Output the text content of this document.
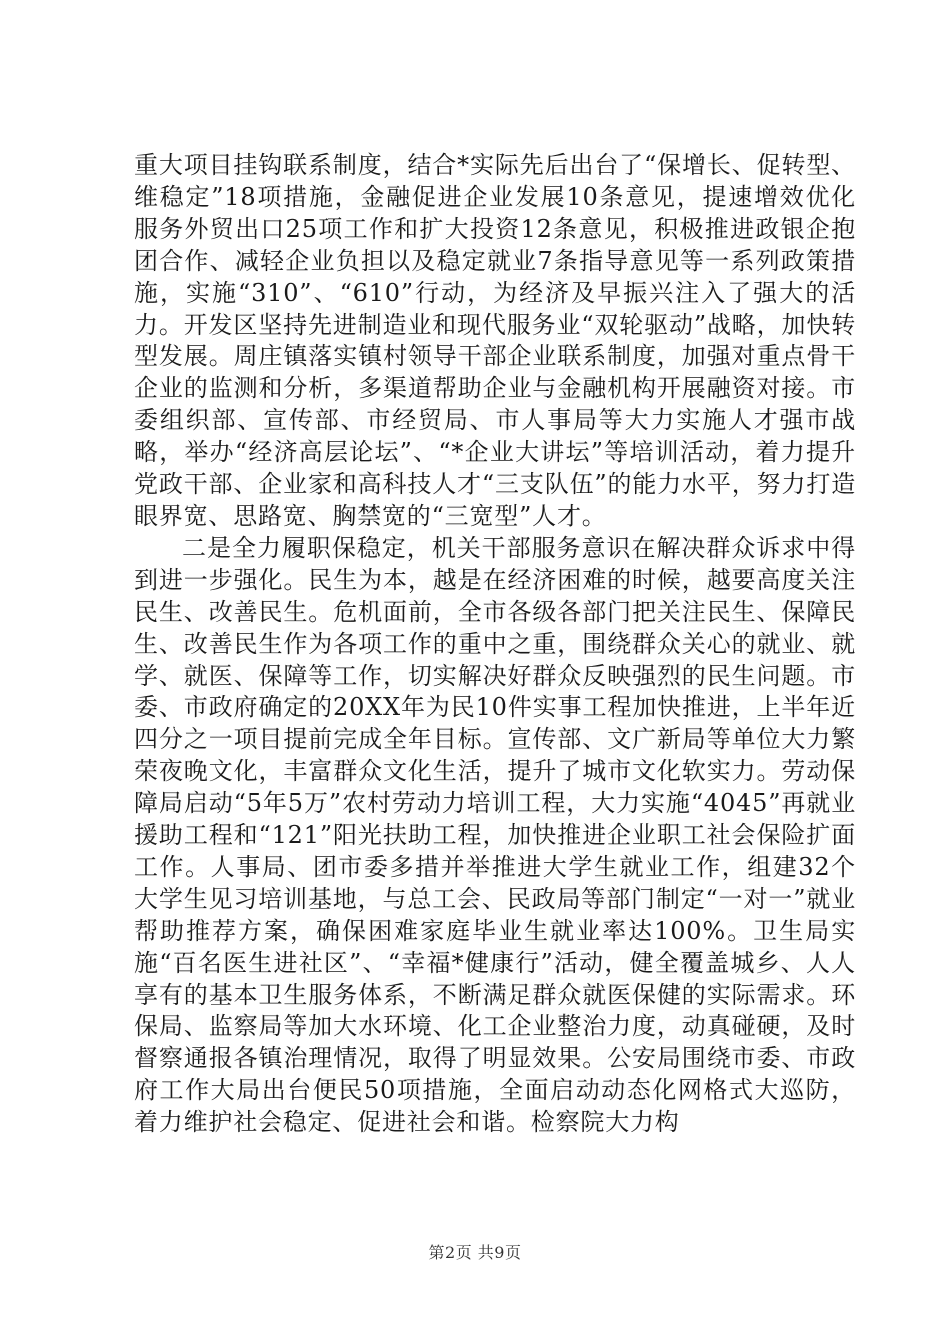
重大项目挂钩联系制度，结合*实际先后出台了“保增长、促转型、维稳定”18项措施，金融促进企业发展10条意见，提速增效优化服务外贸出口25项工作和扩大投资12条意见，积极推进政银企抱团合作、减轻企业负担以及稳定就业7条指导意见等一系列政策措施，实施“310”、“610”行动，为经济及早振兴注入了强大的活力。开发区坚持先进制造业和现代服务业“双轮驱动”战略，加快转型发展。周庄镇落实镇村领导干部企业联系制度，加强对重点骨干企业的监测和分析，多渠道帮助企业与金融机构开展融资对接。市委组织部、宣传部、市经贸局、市人事局等大力实施人才强市战略，举办“经济高层论坛”、“*企业大讲坛”等培训活动，着力提升党政干部、企业家和高科技人才“三支队伍”的能力水平，努力打造眼界宽、思路宽、胸禁宽的“三宽型”人才。

二是全力履职保稳定，机关干部服务意识在解决群众诉求中得到进一步强化。民生为本，越是在经济困难的时候，越要高度关注民生、改善民生。危机面前，全市各级各部门把关注民生、保障民生、改善民生作为各项工作的重中之重，围绕群众关心的就业、就学、就医、保障等工作，切实解决好群众反映强烈的民生问题。市委、市政府确定的20XX年为民10件实事工程加快推进，上半年近四分之一项目提前完成全年目标。宣传部、文广新局等单位大力繁荣夜晚文化，丰富群众文化生活，提升了城市文化软实力。劳动保障局启动“5年5万”农村劳动力培训工程，大力实施“4045”再就业援助工程和“121”阳光扶助工程，加快推进企业职工社会保险扩面工作。人事局、团市委多措并举推进大学生就业工作，组建32个大学生见习培训基地，与总工会、民政局等部门制定“一对一”就业帮助推荐方案，确保困难家庭毕业生就业率达100%。卫生局实施“百名医生进社区”、“幸福*健康行”活动，健全覆盖城乡、人人享有的基本卫生服务体系，不断满足群众就医保健的实际需求。环保局、监察局等加大水环境、化工企业整治力度，动真碰硬，及时督察通报各镇治理情况，取得了明显效果。公安局围绕市委、市政府工作大局出台便民50项措施，全面启动动态化网格式大巡防，着力维护社会稳定、促进社会和谐。检察院大力构

第2页 共9页
